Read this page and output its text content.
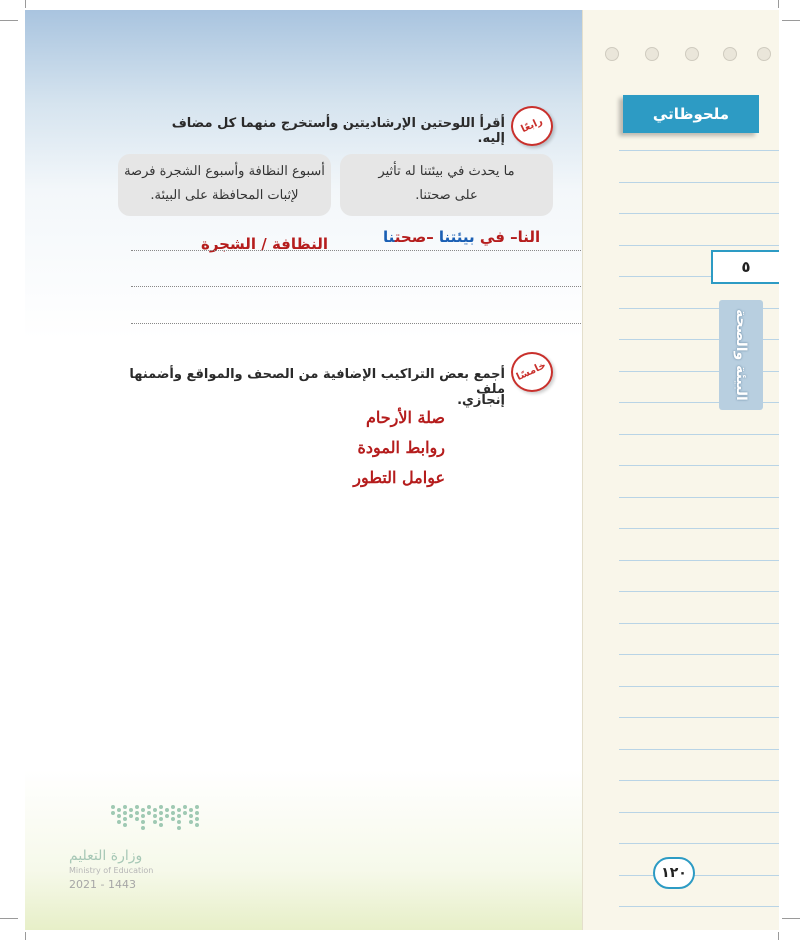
رابعًا
أقرأ اللوحتين الإرشاديتين وأستخرج منهما كل مضاف إليه.
ما يحدث في بيئتنا له تأثير
على صحتنا.
أسبوع النظافة وأسبوع الشجرة فرصة
لإثبات المحافظة على البيئة.
النا– في بيئتنا –صحتنا
النظافة / الشجرة
خامسًا
أجمع بعض التراكيب الإضافية من الصحف والمواقع وأضمنها ملف
إنجازي.
صلة الأرحام
روابط المودة
عوامل التطور
وزارة التعليم
Ministry of Education
2021 - 1443
ملحوظاتي
٥
البيئة والصحة
١٢٠
